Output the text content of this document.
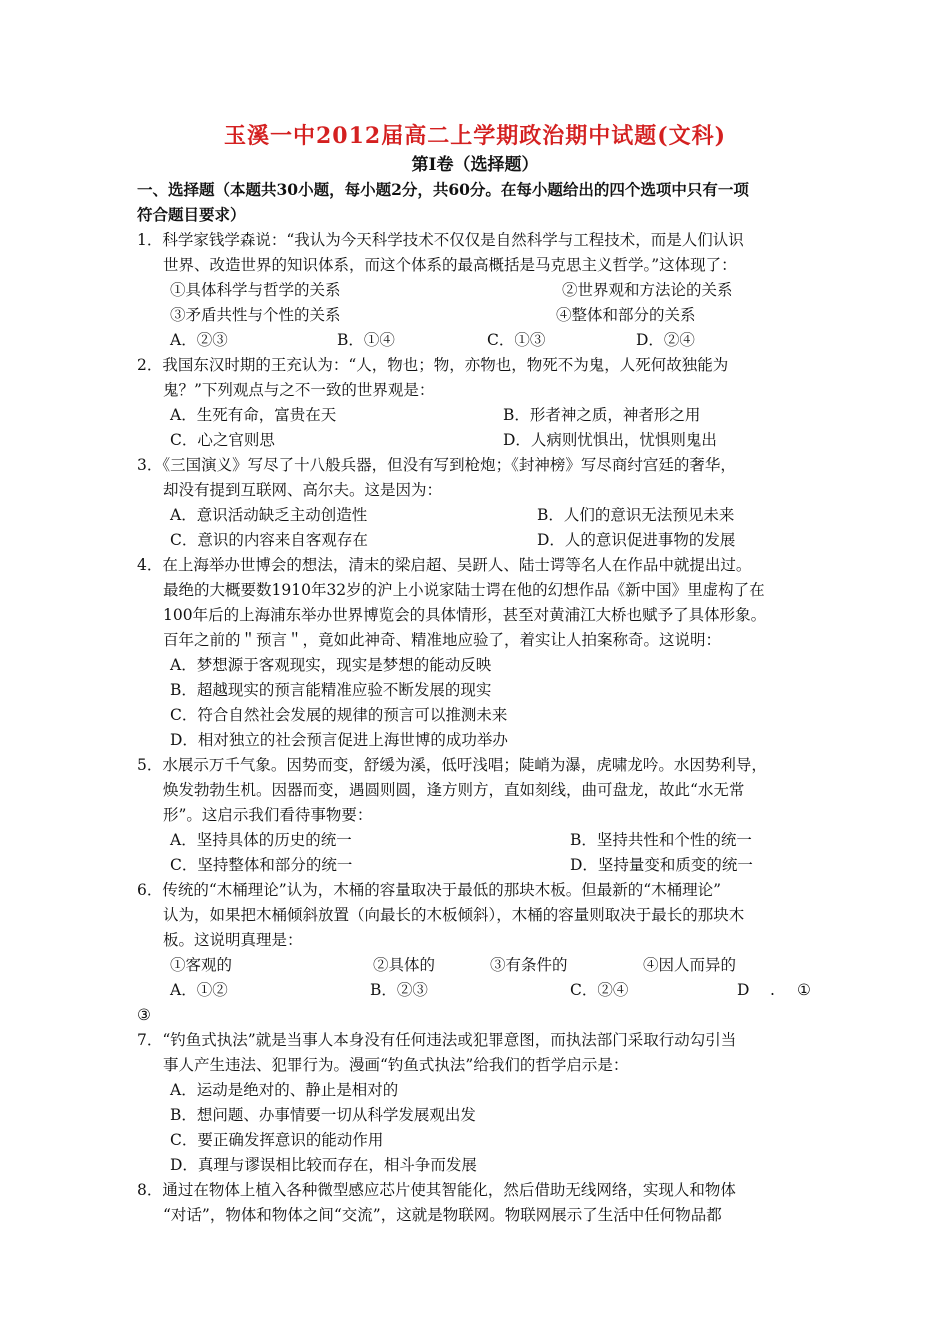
玉溪一中2012届高二上学期政治期中试题(文科)
第Ⅰ卷（选择题）
一、选择题（本题共30小题，每小题2分，共60分。在每小题给出的四个选项中只有一项
符合题目要求）
1．科学家钱学森说：“我认为今天科学技术不仅仅是自然科学与工程技术，而是人们认识
世界、改造世界的知识体系，而这个体系的最高概括是马克思主义哲学。”这体现了：
①具体科学与哲学的关系	②世界观和方法论的关系
③矛盾共性与个性的关系	④整体和部分的关系
A．②③	B．①④	C．①③	D．②④
2．我国东汉时期的王充认为：“人，物也；物，亦物也，物死不为鬼，人死何故独能为
鬼？”下列观点与之不一致的世界观是：
A．生死有命，富贵在天	B．形者神之质，神者形之用
C．心之官则思	D．人病则忧惧出，忧惧则鬼出
3．《三国演义》写尽了十八般兵器，但没有写到枪炮；《封神榜》写尽商纣宫廷的奢华，
却没有提到互联网、高尔夫。这是因为：
A．意识活动缺乏主动创造性	B．人们的意识无法预见未来
C．意识的内容来自客观存在	D．人的意识促进事物的发展
4．在上海举办世博会的想法，清末的梁启超、吴趼人、陆士谔等名人在作品中就提出过。
最绝的大概要数1910年32岁的沪上小说家陆士谔在他的幻想作品《新中国》里虚构了在
100年后的上海浦东举办世界博览会的具体情形，甚至对黄浦江大桥也赋予了具体形象。
百年之前的＂预言＂，竟如此神奇、精准地应验了，着实让人拍案称奇。这说明：
A．梦想源于客观现实，现实是梦想的能动反映
B．超越现实的预言能精准应验不断发展的现实
C．符合自然社会发展的规律的预言可以推测未来
D．相对独立的社会预言促进上海世博的成功举办
5．水展示万千气象。因势而变，舒缓为溪，低吁浅唱；陡峭为瀑，虎啸龙吟。水因势利导，
焕发勃勃生机。因器而变，遇圆则圆，逢方则方，直如刻线，曲可盘龙，故此“水无常
形”。这启示我们看待事物要：
A．坚持具体的历史的统一	B．坚持共性和个性的统一
C．坚持整体和部分的统一	D．坚持量变和质变的统一
6．传统的“木桶理论”认为，木桶的容量取决于最低的那块木板。但最新的“木桶理论”
认为，如果把木桶倾斜放置（向最长的木板倾斜），木桶的容量则取决于最长的那块木
板。这说明真理是：
①客观的	②具体的	③有条件的	④因人而异的
A．①②	B．②③	C．②④	D . ①
③
7．“钓鱼式执法”就是当事人本身没有任何违法或犯罪意图，而执法部门采取行动勾引当
事人产生违法、犯罪行为。漫画“钓鱼式执法”给我们的哲学启示是：
A．运动是绝对的、静止是相对的
B．想问题、办事情要一切从科学发展观出发
C．要正确发挥意识的能动作用
D．真理与谬误相比较而存在，相斗争而发展
8．通过在物体上植入各种微型感应芯片使其智能化，然后借助无线网络，实现人和物体
“对话”，物体和物体之间“交流”，这就是物联网。物联网展示了生活中任何物品都
